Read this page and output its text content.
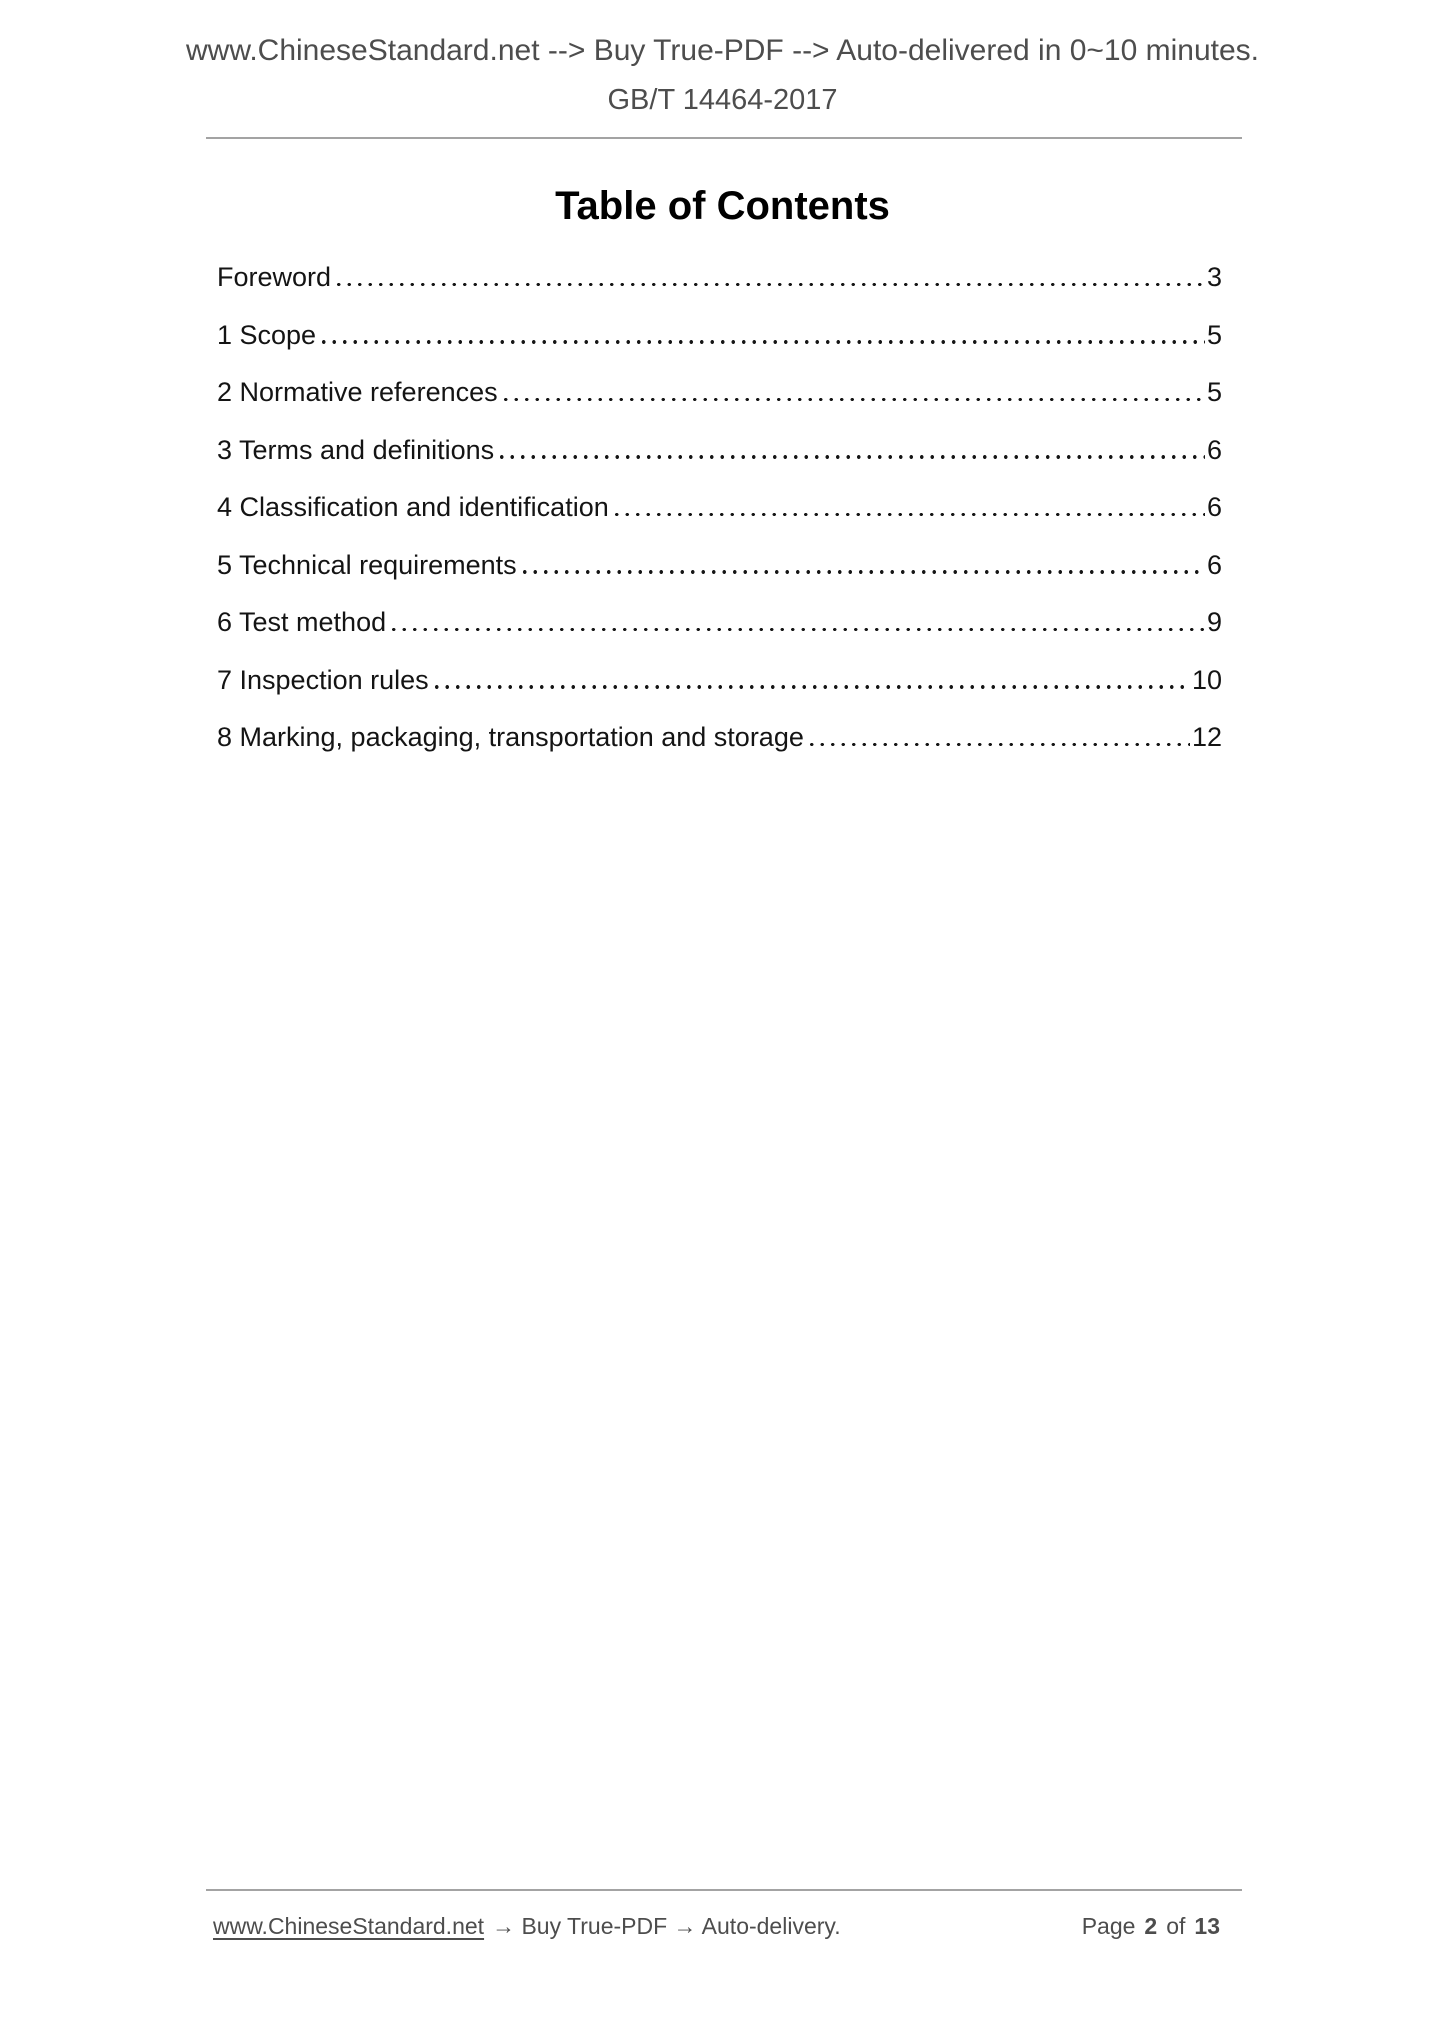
www.ChineseStandard.net --> Buy True-PDF --> Auto-delivered in 0~10 minutes.
GB/T 14464-2017
Table of Contents
Foreword	3
1 Scope	5
2 Normative references	5
3 Terms and definitions	6
4 Classification and identification	6
5 Technical requirements	6
6 Test method	9
7 Inspection rules	10
8 Marking, packaging, transportation and storage	12
www.ChineseStandard.net → Buy True-PDF → Auto-delivery.	Page 2 of 13
